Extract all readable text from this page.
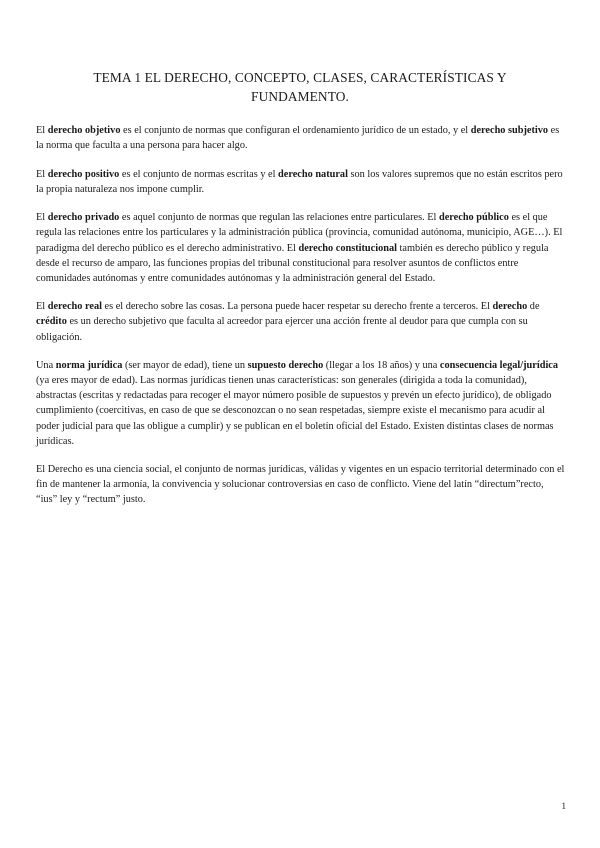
TEMA 1 EL DERECHO, CONCEPTO, CLASES, CARACTERÍSTICAS Y FUNDAMENTO.

El derecho objetivo es el conjunto de normas que configuran el ordenamiento jurídico de un estado, y el derecho subjetivo es la norma que faculta a una persona para hacer algo.

El derecho positivo es el conjunto de normas escritas y el derecho natural son los valores supremos que no están escritos pero la propia naturaleza nos impone cumplir.

El derecho privado es aquel conjunto de normas que regulan las relaciones entre particulares. El derecho público es el que regula las relaciones entre los particulares y la administración pública (provincia, comunidad autónoma, municipio, AGE…). El paradigma del derecho público es el derecho administrativo. El derecho constitucional también es derecho público y regula desde el recurso de amparo, las funciones propias del tribunal constitucional para resolver asuntos de conflictos entre comunidades autónomas y entre comunidades autónomas y la administración general del Estado.

El derecho real es el derecho sobre las cosas. La persona puede hacer respetar su derecho frente a terceros. El derecho de crédito es un derecho subjetivo que faculta al acreedor para ejercer una acción frente al deudor para que cumpla con su obligación.

Una norma jurídica (ser mayor de edad), tiene un supuesto derecho (llegar a los 18 años) y una consecuencia legal/jurídica (ya eres mayor de edad). Las normas jurídicas tienen unas características: son generales (dirigida a toda la comunidad), abstractas (escritas y redactadas para recoger el mayor número posible de supuestos y prevén un efecto jurídico), de obligado cumplimiento (coercitivas, en caso de que se desconozcan o no sean respetadas, siempre existe el mecanismo para acudir al poder judicial para que las obligue a cumplir) y se publican en el boletín oficial del Estado. Existen distintas clases de normas jurídicas.

El Derecho es una ciencia social, el conjunto de normas jurídicas, válidas y vigentes en un espacio territorial determinado con el fin de mantener la armonía, la convivencia y solucionar controversias en caso de conflicto. Viene del latín “directum”recto, “ius” ley y “rectum” justo.

1
